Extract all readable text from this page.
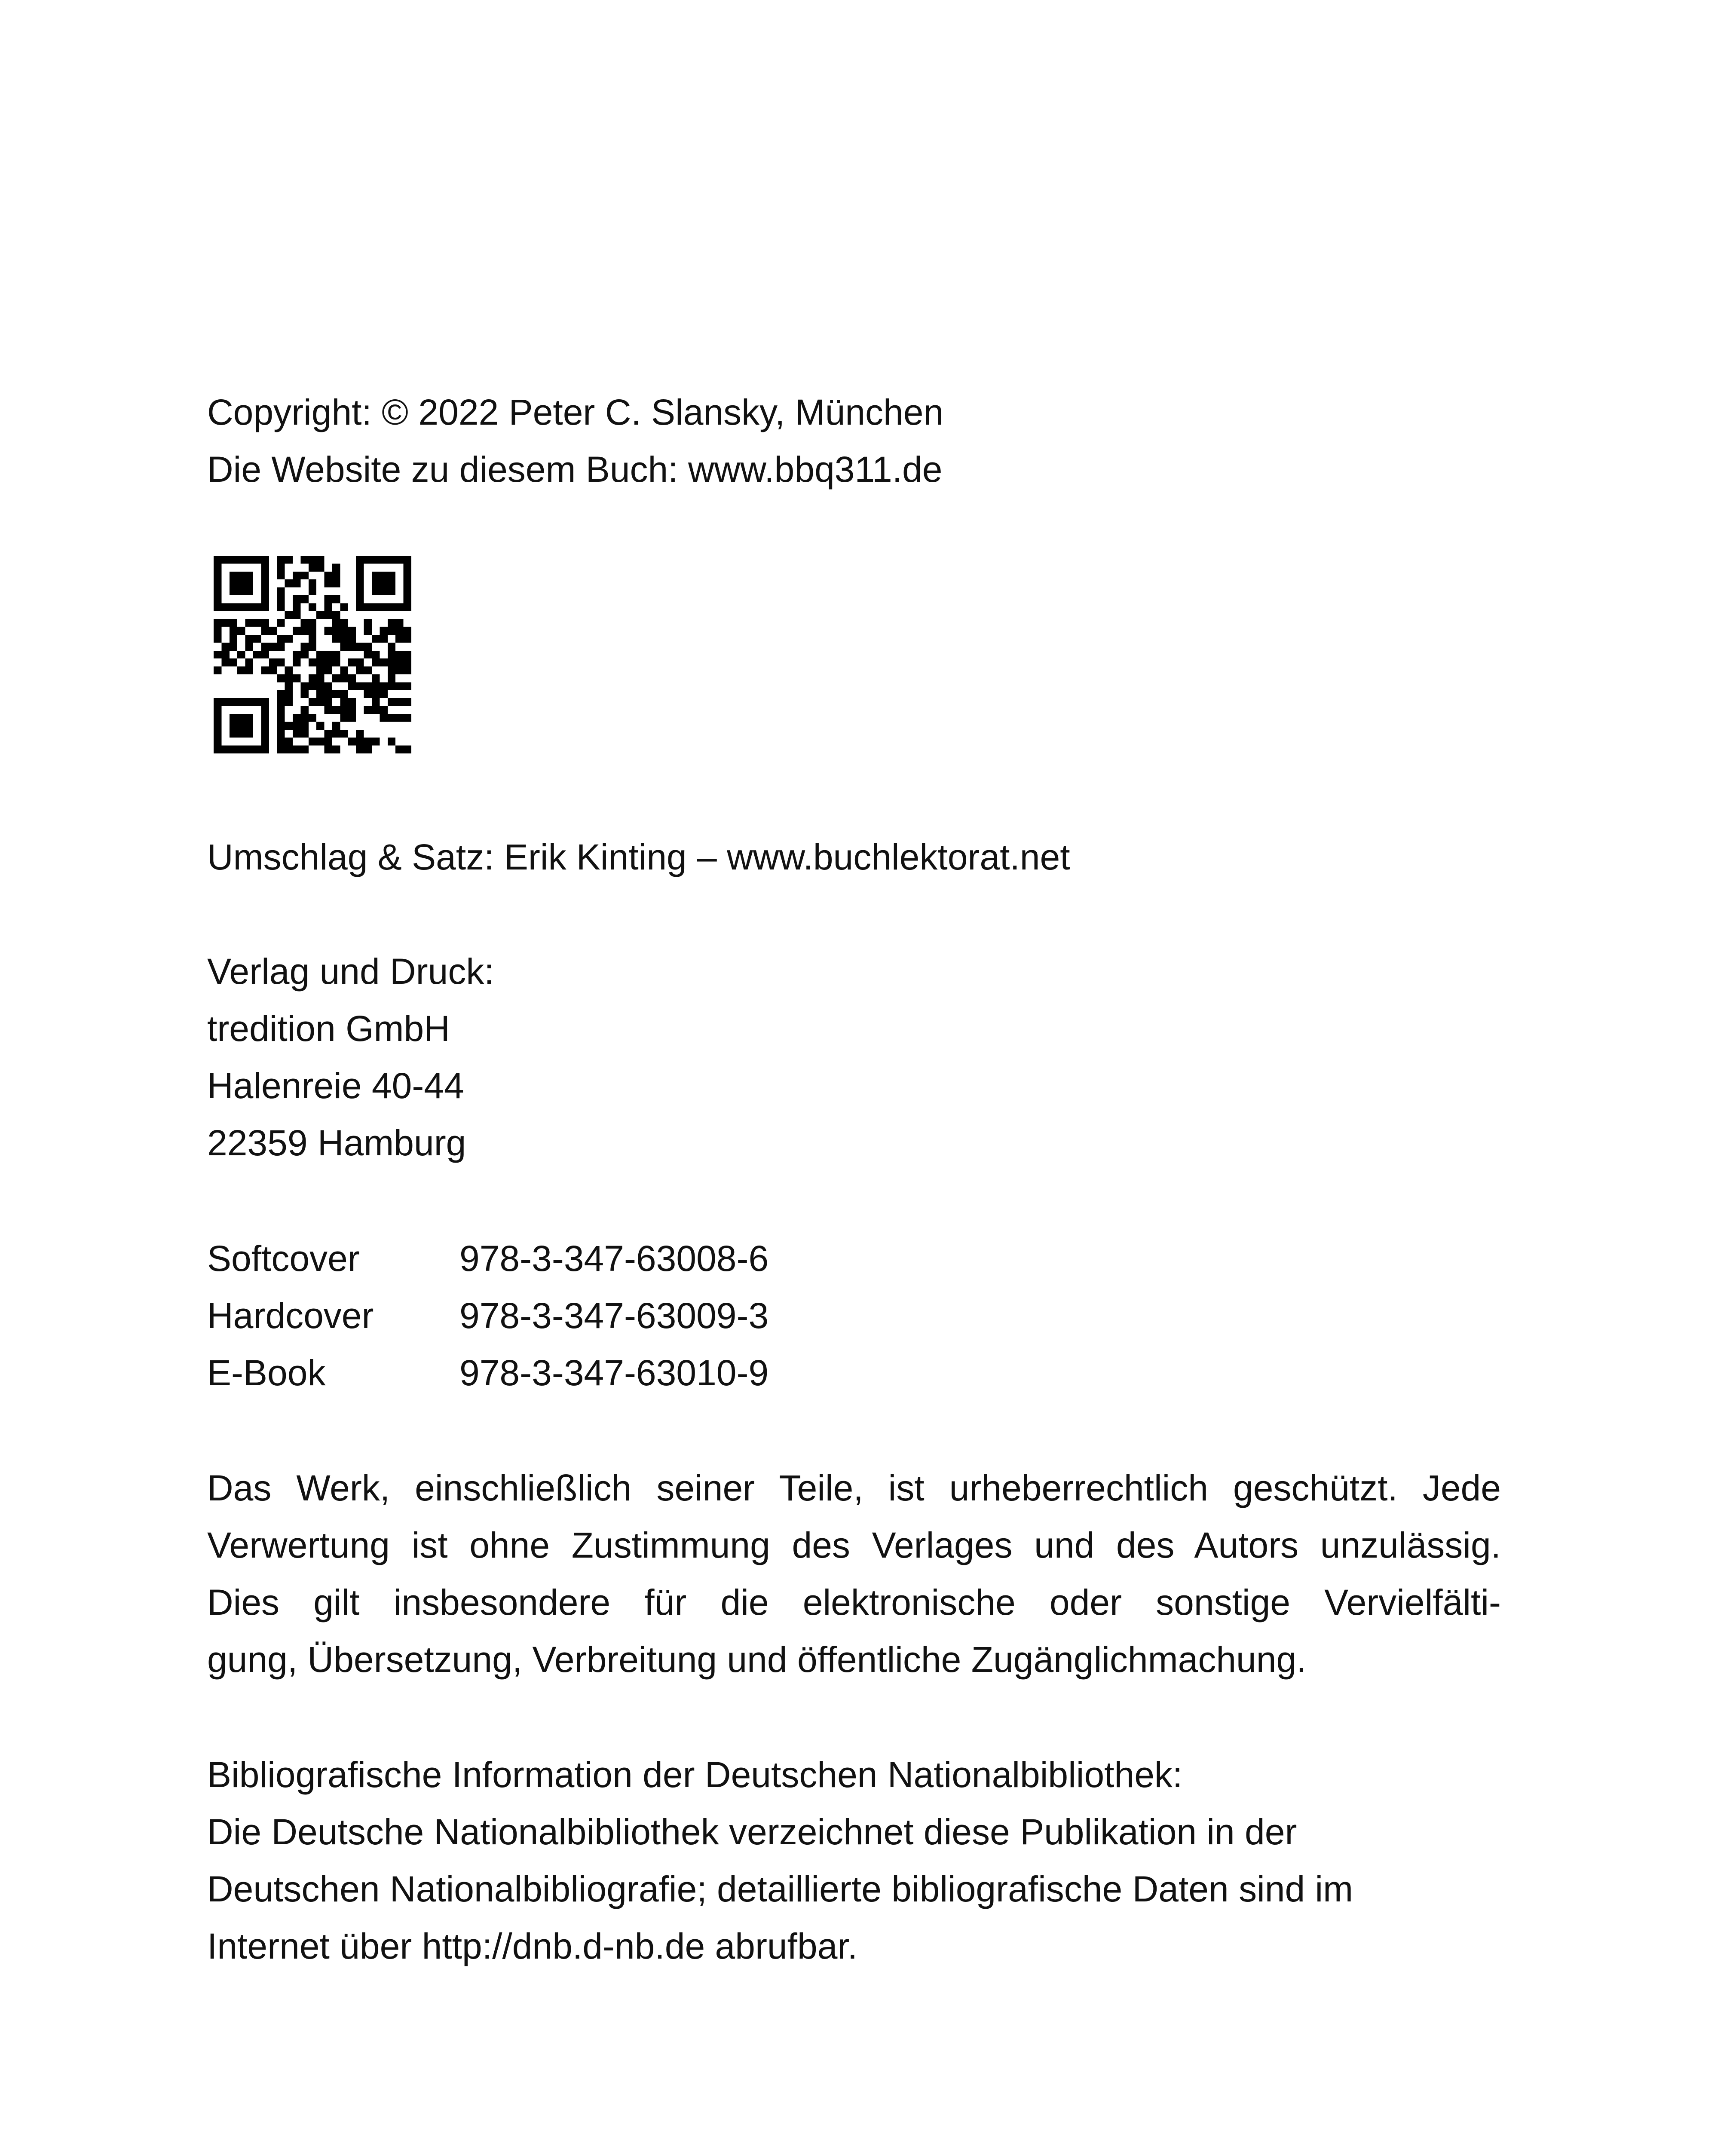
Copyright: © 2022 Peter C. Slansky, München
Die Website zu diesem Buch: www.bbq311.de
Umschlag & Satz: Erik Kinting – www.buchlektorat.net
Verlag und Druck:
tredition GmbH
Halenreie 40-44
22359 Hamburg
Softcover	978-3-347-63008-6
Hardcover	978-3-347-63009-3
E-Book	978-3-347-63010-9
Das Werk, einschließlich seiner Teile, ist urheberrechtlich geschützt. Jede
Verwertung ist ohne Zustimmung des Verlages und des Autors unzulässig.
Dies gilt insbesondere für die elektronische oder sonstige Vervielfälti-
gung, Übersetzung, Verbreitung und öffentliche Zugänglichmachung.
Bibliografische Information der Deutschen Nationalbibliothek:
Die Deutsche Nationalbibliothek verzeichnet diese Publikation in der
Deutschen Nationalbibliografie; detaillierte bibliografische Daten sind im
Internet über http://dnb.d-nb.de abrufbar.
